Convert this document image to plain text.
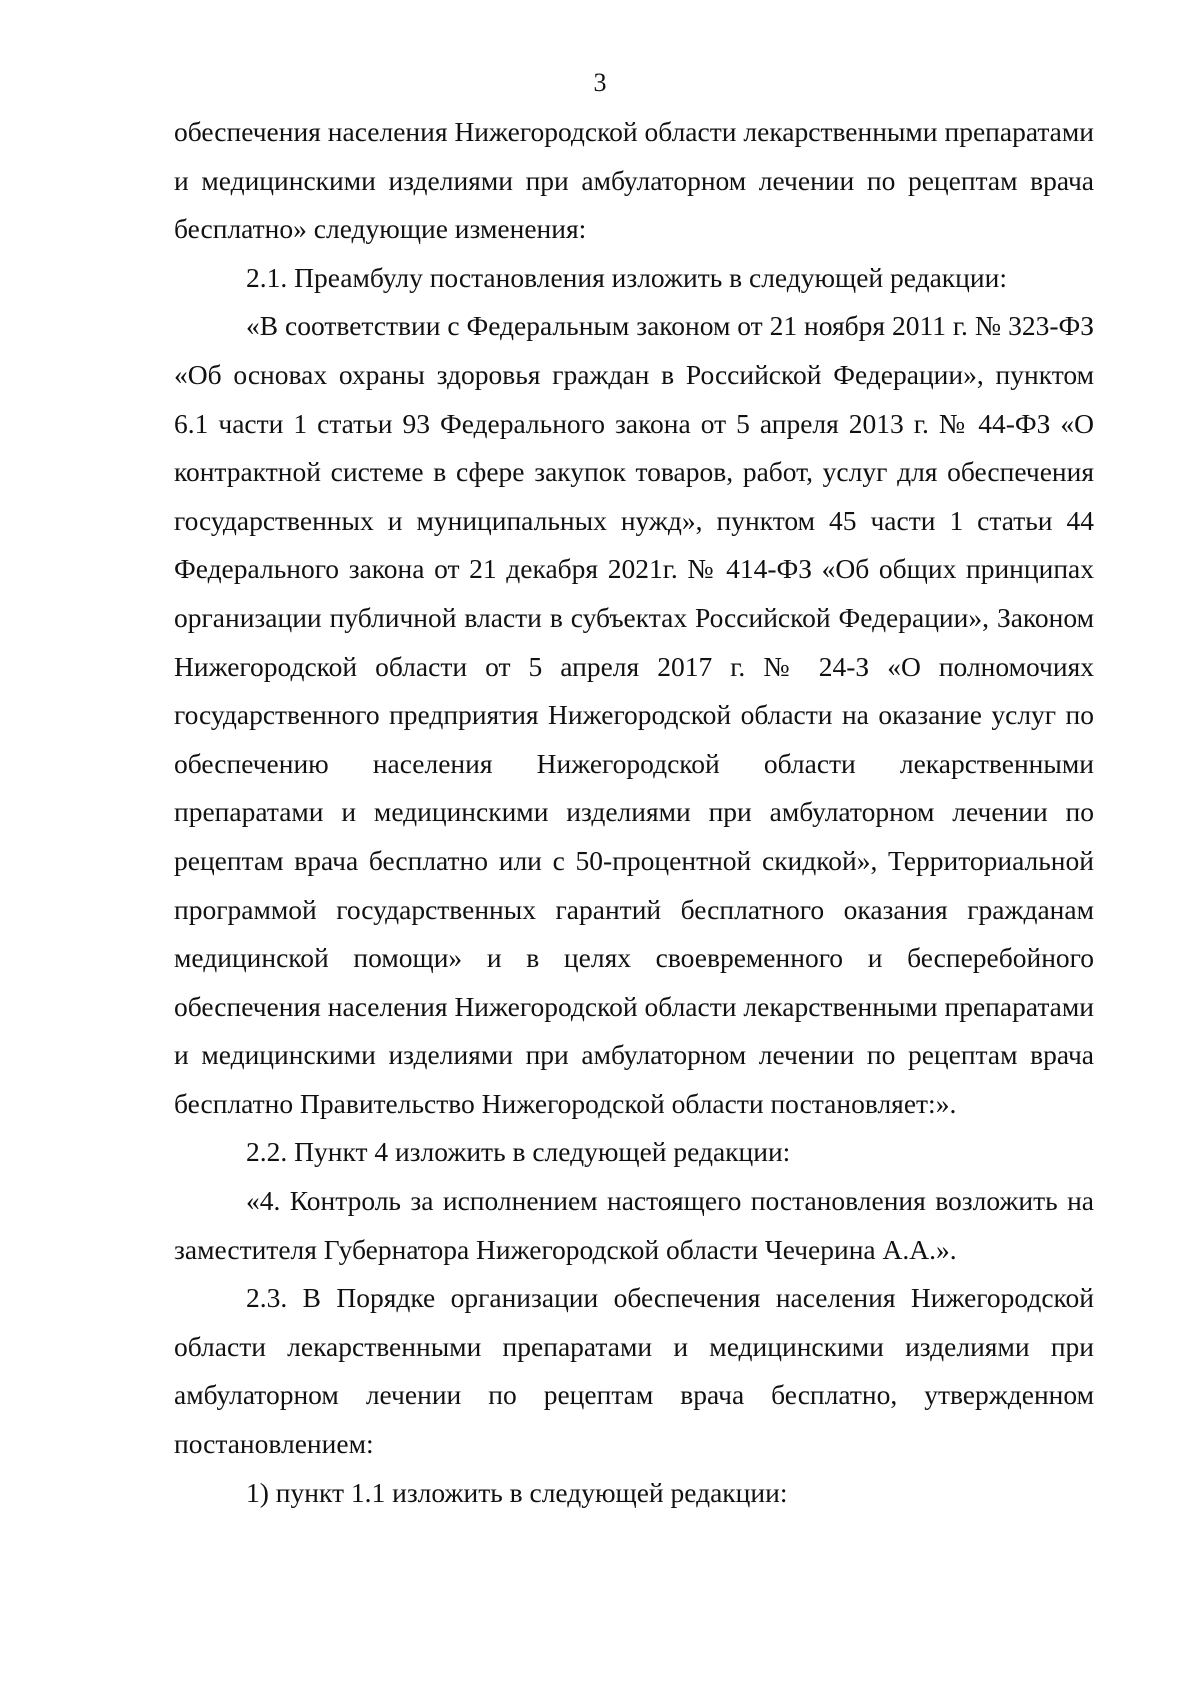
3

обеспечения населения Нижегородской области лекарственными препаратами и медицинскими изделиями при амбулаторном лечении по рецептам врача бесплатно» следующие изменения:

2.1. Преамбулу постановления изложить в следующей редакции:

«В соответствии с Федеральным законом от 21 ноября 2011 г. № 323-ФЗ «Об основах охраны здоровья граждан в Российской Федерации», пунктом 6.1 части 1 статьи 93 Федерального закона от 5 апреля 2013 г. № 44-ФЗ «О контрактной системе в сфере закупок товаров, работ, услуг для обеспечения государственных и муниципальных нужд», пунктом 45 части 1 статьи 44 Федерального закона от 21 декабря 2021г. № 414-ФЗ «Об общих принципах организации публичной власти в субъектах Российской Федерации», Законом Нижегородской области от 5 апреля 2017 г. № 24-З «О полномочиях государственного предприятия Нижегородской области на оказание услуг по обеспечению населения Нижегородской области лекарственными препаратами и медицинскими изделиями при амбулаторном лечении по рецептам врача бесплатно или с 50-процентной скидкой», Территориальной программой государственных гарантий бесплатного оказания гражданам медицинской помощи» и в целях своевременного и бесперебойного обеспечения населения Нижегородской области лекарственными препаратами и медицинскими изделиями при амбулаторном лечении по рецептам врача бесплатно Правительство Нижегородской области постановляет:».

2.2. Пункт 4 изложить в следующей редакции:

«4. Контроль за исполнением настоящего постановления возложить на заместителя Губернатора Нижегородской области Чечерина А.А.».

2.3. В Порядке организации обеспечения населения Нижегородской области лекарственными препаратами и медицинскими изделиями при амбулаторном лечении по рецептам врача бесплатно, утвержденном постановлением:

1) пункт 1.1 изложить в следующей редакции:
